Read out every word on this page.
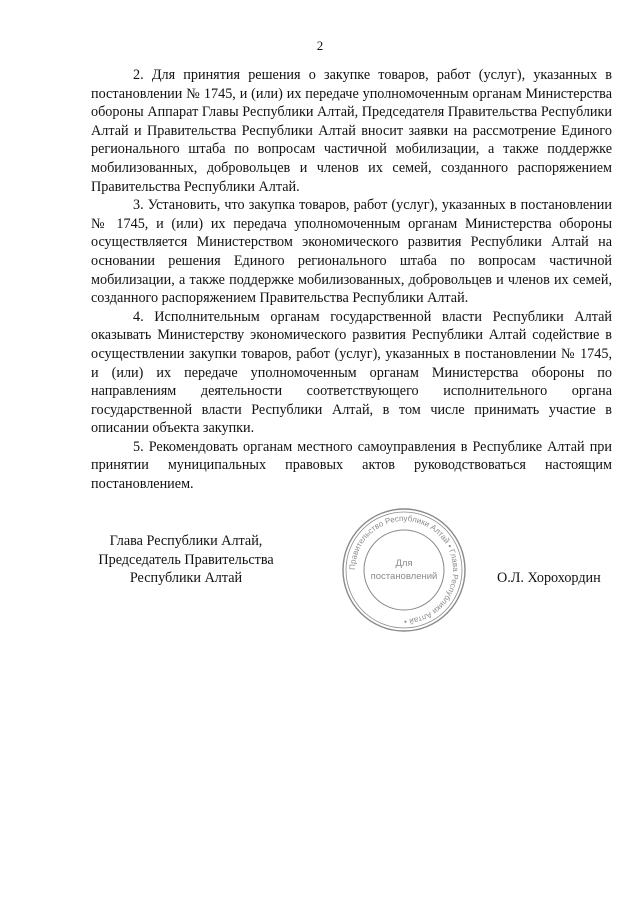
2

2. Для принятия решения о закупке товаров, работ (услуг), указанных в постановлении № 1745, и (или) их передаче уполномоченным органам Министерства обороны Аппарат Главы Республики Алтай, Председателя Правительства Республики Алтай и Правительства Республики Алтай вносит заявки на рассмотрение Единого регионального штаба по вопросам частичной мобилизации, а также поддержке мобилизованных, добровольцев и членов их семей, созданного распоряжением Правительства Республики Алтай.

3. Установить, что закупка товаров, работ (услуг), указанных в постановлении № 1745, и (или) их передача уполномоченным органам Министерства обороны осуществляется Министерством экономического развития Республики Алтай на основании решения Единого регионального штаба по вопросам частичной мобилизации, а также поддержке мобилизованных, добровольцев и членов их семей, созданного распоряжением Правительства Республики Алтай.

4. Исполнительным органам государственной власти Республики Алтай оказывать Министерству экономического развития Республики Алтай содействие в осуществлении закупки товаров, работ (услуг), указанных в постановлении № 1745, и (или) их передаче уполномоченным органам Министерства обороны по направлениям деятельности соответствующего исполнительного органа государственной власти Республики Алтай, в том числе принимать участие в описании объекта закупки.

5. Рекомендовать органам местного самоуправления в Республике Алтай при принятии муниципальных правовых актов руководствоваться настоящим постановлением.

Глава Республики Алтай,
Председатель Правительства
Республики Алтай	О.Л. Хорохордин
Правительство Республики Алтай • Глава Республики Алтай •
Для
постановлений
